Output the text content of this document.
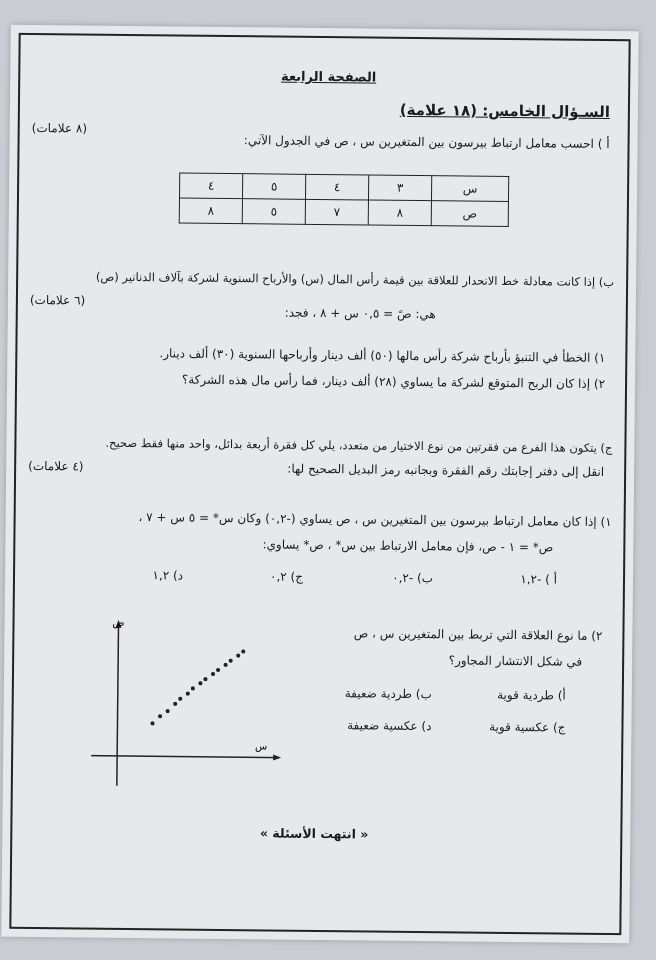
الصفحة الرابعة
السـؤال الخامس: (١٨ علامة)
(٨ علامات)
أ ) احسب معامل ارتباط بيرسون بين المتغيرين س ، ص في الجدول الآتي:
س	٣	٤	٥	٤
ص	٨	٧	٥	٨
ب) إذا كانت معادلة خط الانحدار للعلاقة بين قيمة رأس المال (س) والأرباح السنوية لشركة بآلاف الدنانير (ص)
(٦ علامات)
هي: صً = ٠,٥ س + ٨ ، فجد:
١) الخطأ في التنبؤ بأرباح شركة رأس مالها (٥٠) ألف دينار وأرباحها السنوية (٣٠) ألف دينار.
٢) إذا كان الربح المتوقع لشركة ما يساوي (٢٨) ألف دينار، فما رأس مال هذه الشركة؟
ج) يتكون هذا الفرع من فقرتين من نوع الاختيار من متعدد، يلي كل فقرة أربعة بدائل، واحد منها فقط صحيح.
انقل إلى دفتر إجابتك رقم الفقرة وبجانبه رمز البديل الصحيح لها:
(٤ علامات)
١) إذا كان معامل ارتباط بيرسون بين المتغيرين س ، ص يساوي (-٠,٢) وكان س* = ٥ س + ٧ ،
ص* = ١ - ص، فإن معامل الارتباط بين س* ، ص* يساوي:
أ ) -١,٢
ب) -٠,٢
ج) ٠,٢
د) ١,٢
٢) ما نوع العلاقة التي تربط بين المتغيرين س ، ص
في شكل الانتشار المجاور؟
أ) طردية قوية
ب) طردية ضعيفة
ج) عكسية قوية
د) عكسية ضعيفة
ص
س
« انتهت الأسئلة »
